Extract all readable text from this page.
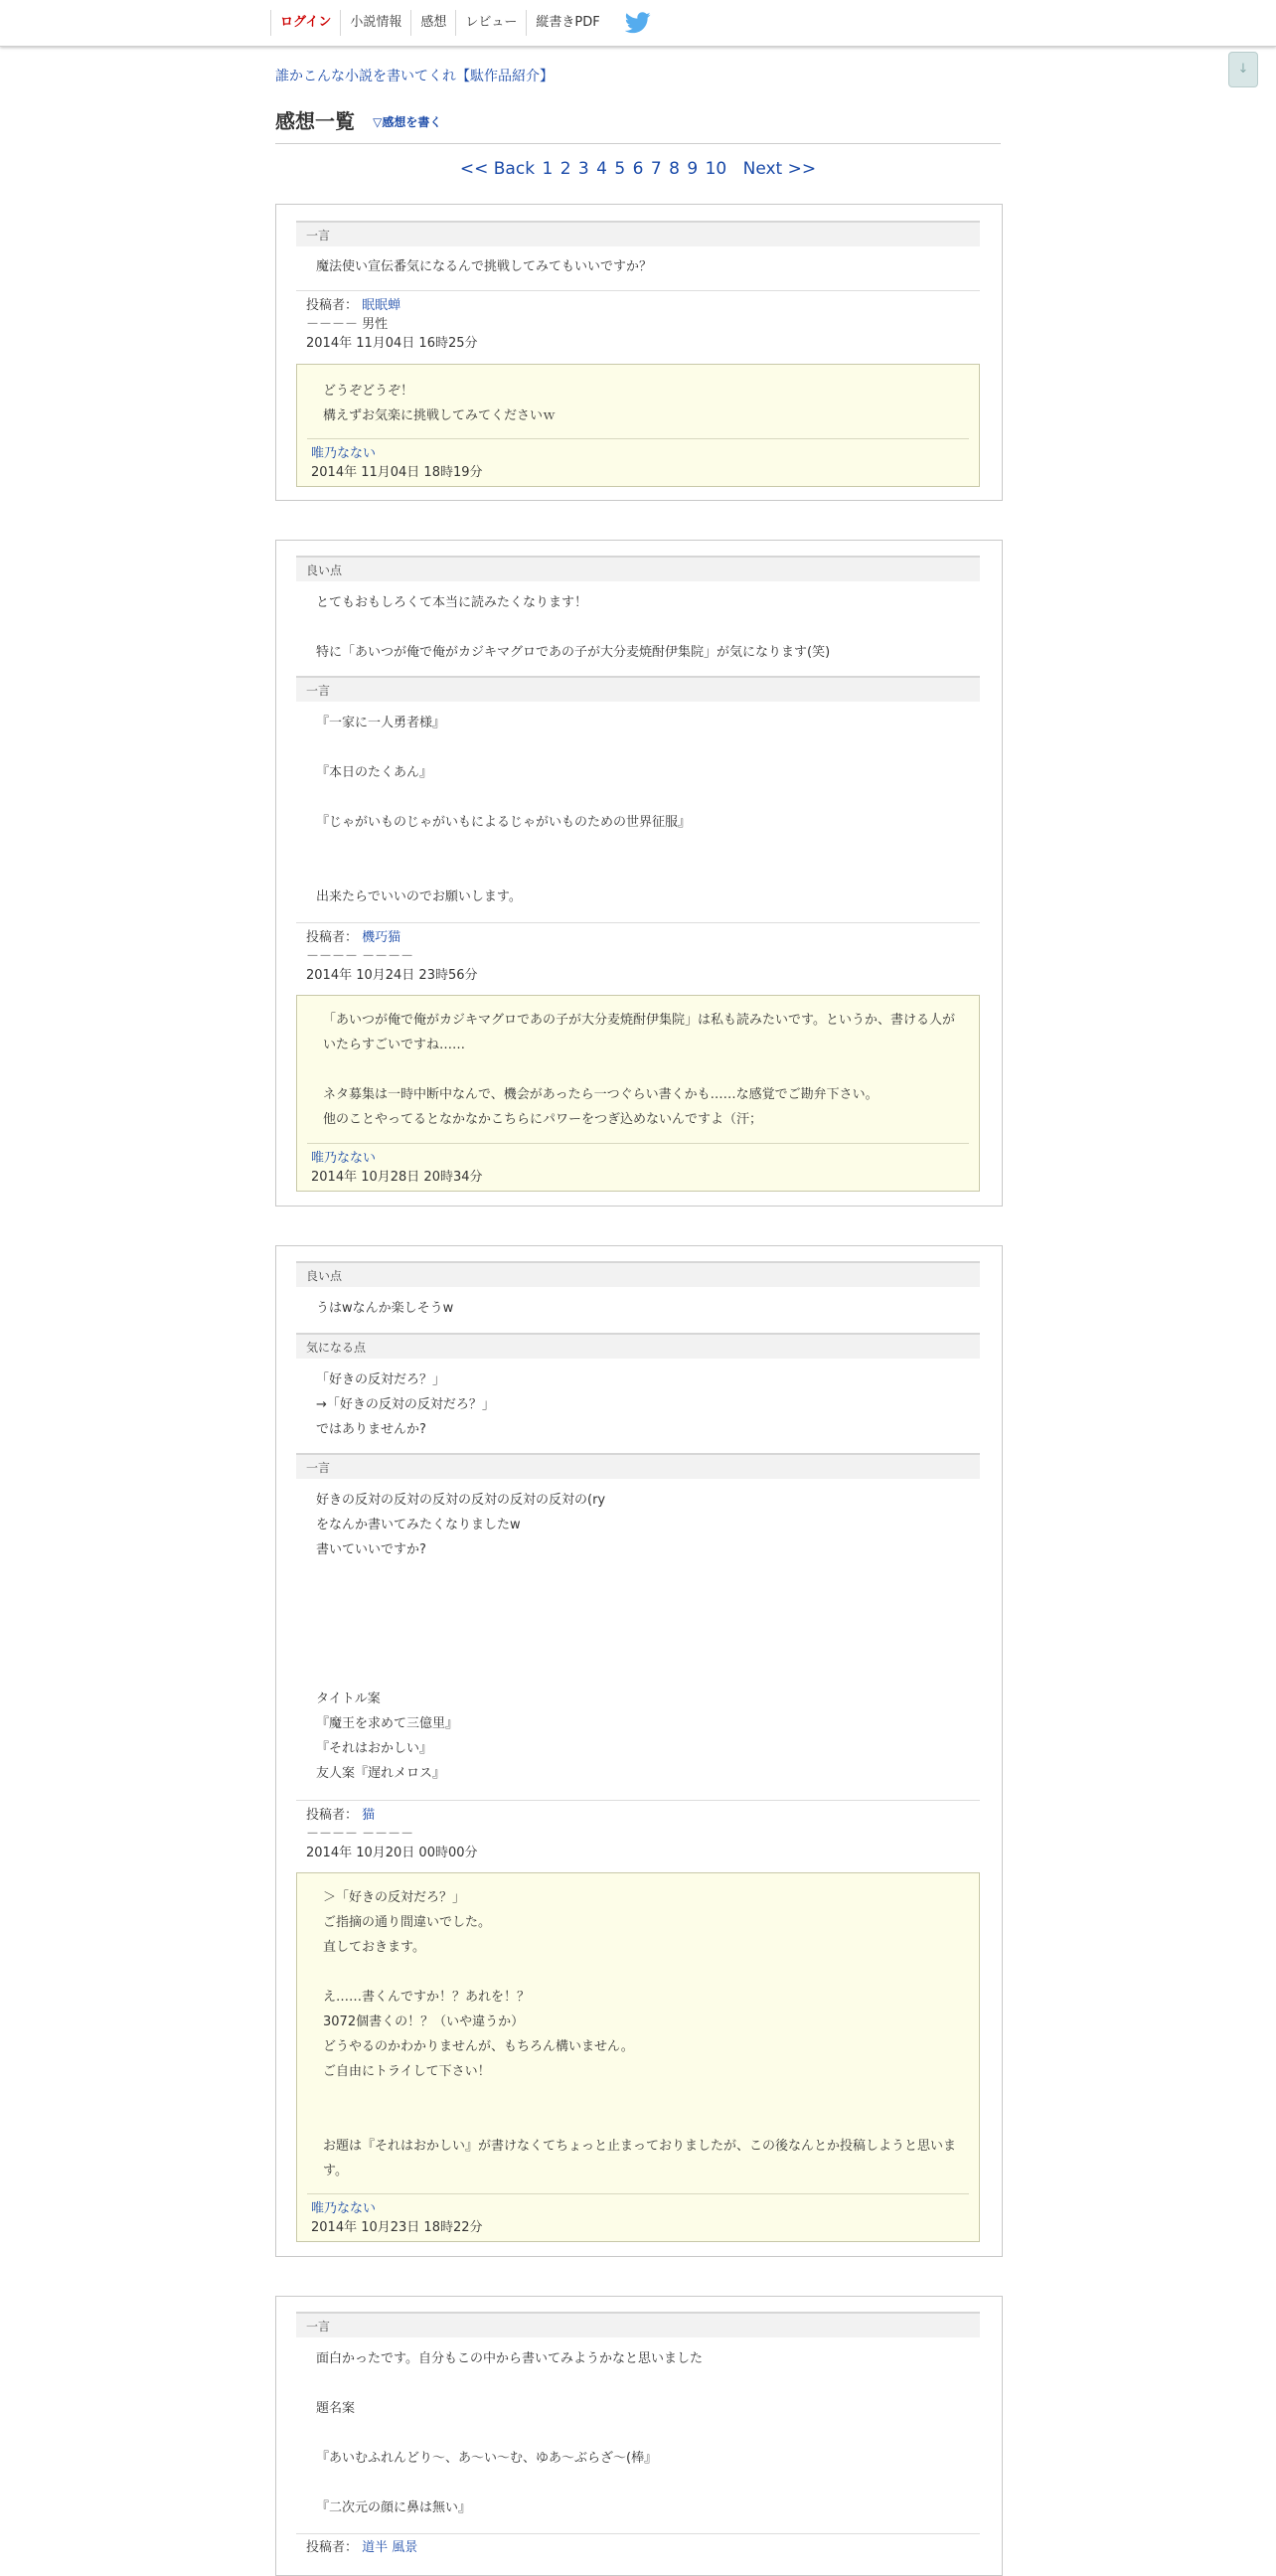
ログイン	小説情報	感想	レビュー	縦書きPDF
↓
誰かこんな小説を書いてくれ【駄作品紹介】
感想一覧 ▽感想を書く
<< Back 1 2 3 4 5 6 7 8 9 10 Next >>
一言
魔法使い宣伝番気になるんで挑戦してみてもいいですか？
投稿者： 眠眠蝉
－－－－ 男性
2014年 11月04日 16時25分
どうぞどうぞ！
構えずお気楽に挑戦してみてくださいｗ
唯乃なない
2014年 11月04日 18時19分
良い点
とてもおもしろくて本当に読みたくなります！

特に「あいつが俺で俺がカジキマグロであの子が大分麦焼酎伊集院」が気になります(笑)
一言
『一家に一人勇者様』

『本日のたくあん』

『じゃがいものじゃがいもによるじゃがいものための世界征服』

出来たらでいいのでお願いします。
投稿者： 機巧猫
－－－－ －－－－
2014年 10月24日 23時56分
「あいつが俺で俺がカジキマグロであの子が大分麦焼酎伊集院」は私も読みたいです。というか、書ける人がいたらすごいですね……

ネタ募集は一時中断中なんで、機会があったら一つぐらい書くかも……な感覚でご勘弁下さい。
他のことやってるとなかなかこちらにパワーをつぎ込めないんですよ（汗；
唯乃なない
2014年 10月28日 20時34分
良い点
うはwなんか楽しそうw
気になる点
「好きの反対だろ？」
→「好きの反対の反対だろ？」
ではありませんか?
一言
好きの反対の反対の反対の反対の反対の反対の(ry
をなんか書いてみたくなりましたw
書いていいですか?

タイトル案
『魔王を求めて三億里』
『それはおかしい』
友人案『遅れメロス』
投稿者： 猫
－－－－ －－－－
2014年 10月20日 00時00分
＞「好きの反対だろ？」
ご指摘の通り間違いでした。
直しておきます。

え……書くんですか！？あれを！？
3072個書くの！？（いや違うか）
どうやるのかわかりませんが、もちろん構いません。
ご自由にトライして下さい！

お題は『それはおかしい』が書けなくてちょっと止まっておりましたが、この後なんとか投稿しようと思います。
唯乃なない
2014年 10月23日 18時22分
一言
面白かったです。自分もこの中から書いてみようかなと思いました

題名案

『あいむふれんどり〜、あ〜い〜む、ゆあ〜ぶらざ〜(棒』

『二次元の顔に鼻は無い』
投稿者： 道半 風景
